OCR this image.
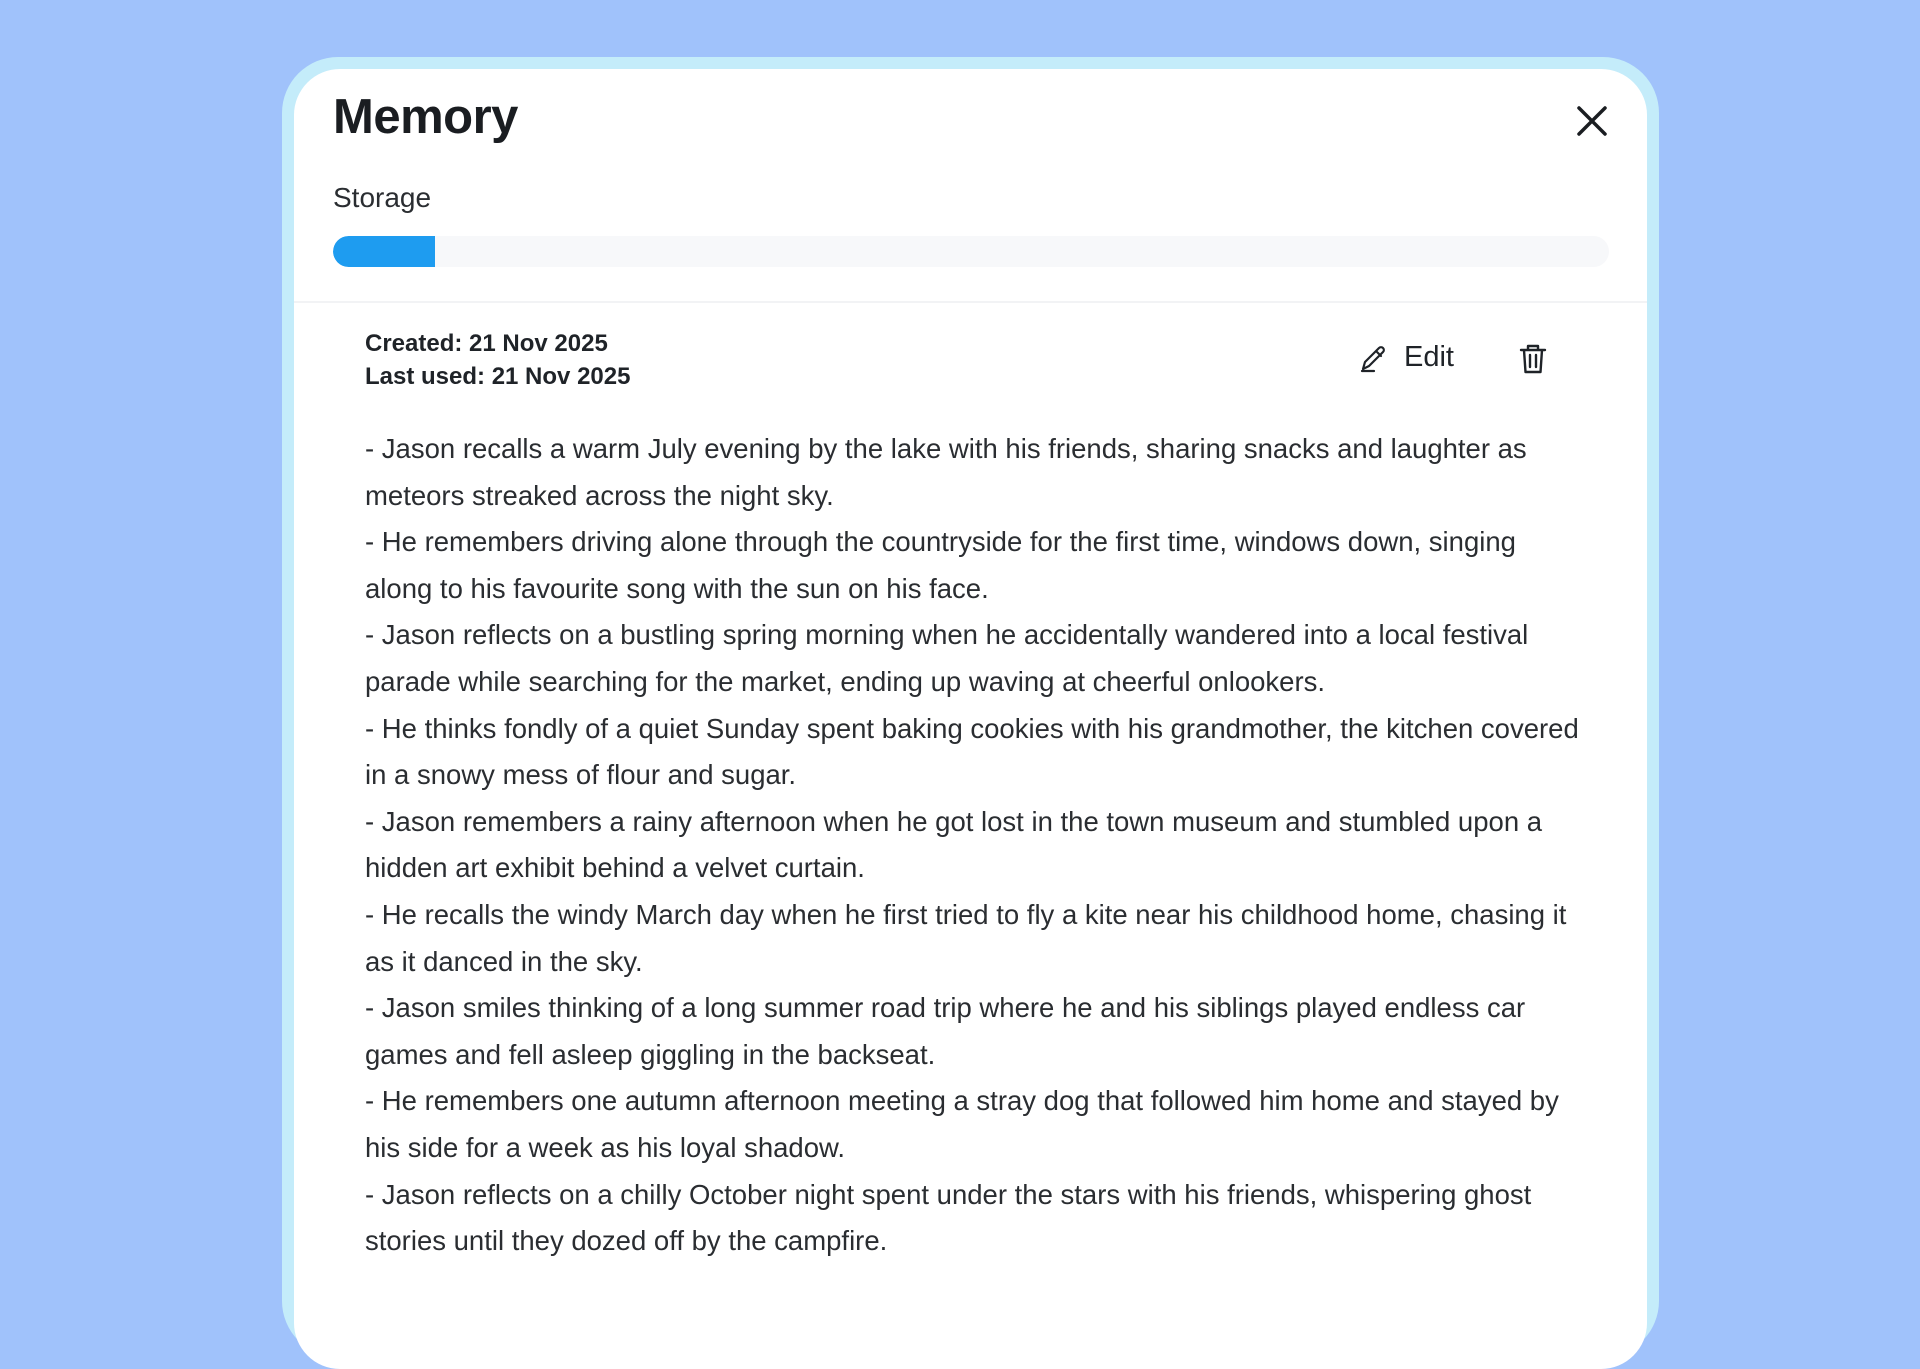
Memory
Storage
Created: 21 Nov 2025
Last used: 21 Nov 2025
Edit

- Jason recalls a warm July evening by the lake with his friends, sharing snacks and laughter as meteors streaked across the night sky.

- He remembers driving alone through the countryside for the first time, windows down, singing along to his favourite song with the sun on his face.

- Jason reflects on a bustling spring morning when he accidentally wandered into a local festival parade while searching for the market, ending up waving at cheerful onlookers.

- He thinks fondly of a quiet Sunday spent baking cookies with his grandmother, the kitchen covered in a snowy mess of flour and sugar.

- Jason remembers a rainy afternoon when he got lost in the town museum and stumbled upon a hidden art exhibit behind a velvet curtain.

- He recalls the windy March day when he first tried to fly a kite near his childhood home, chasing it as it danced in the sky.

- Jason smiles thinking of a long summer road trip where he and his siblings played endless car games and fell asleep giggling in the backseat.

- He remembers one autumn afternoon meeting a stray dog that followed him home and stayed by his side for a week as his loyal shadow.

- Jason reflects on a chilly October night spent under the stars with his friends, whispering ghost stories until they dozed off by the campfire.
